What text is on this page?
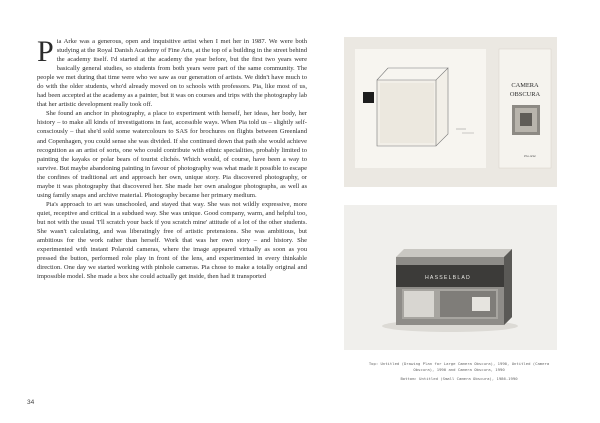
Pia Arke was a generous, open and inquisitive artist when I met her in 1987. We were both studying at the Royal Danish Academy of Fine Arts, at the top of a building in the street behind the academy itself. I'd started at the academy the year before, but the first two years were basically general studies, so students from both years were part of the same community. The people we met during that time were who we saw as our generation of artists. We didn't have much to do with the older students, who'd already moved on to schools with professors. Pia, like most of us, had been accepted at the academy as a painter, but it was on courses and trips with the photography lab that her artistic development really took off.

She found an anchor in photography, a place to experiment with herself, her ideas, her body, her history – to make all kinds of investigations in fast, accessible ways. When Pia told us – slightly self-consciously – that she'd sold some watercolours to SAS for brochures on flights between Greenland and Copenhagen, you could sense she was divided. If she continued down that path she would achieve recognition as an artist of sorts, one who could contribute with ethnic specialities, probably limited to painting the kayaks or polar bears of tourist clichés. Which would, of course, have been a way to survive. But maybe abandoning painting in favour of photography was what made it possible to escape the confines of traditional art and approach her own, unique story. Pia discovered photography, or maybe it was photography that discovered her. She made her own analogue photographs, as well as using family snaps and archive material. Photography became her primary medium.

Pia's approach to art was unschooled, and stayed that way. She was not wildly expressive, more quiet, receptive and critical in a subdued way. She was unique. Good company, warm, and helpful too, but not with the usual 'I'll scratch your back if you scratch mine' attitude of a lot of the other students. She wasn't calculating, and was liberatingly free of artistic pretensions. She was ambitious, but ambitious for the work rather than herself. Work that was her own story – and history. She experimented with instant Polaroid cameras, where the image appeared virtually as soon as you pressed the button, performed role play in front of the lens, and experimented in every thinkable direction. One day we started working with pinhole cameras. Pia chose to make a totally original and impossible model. She made a box she could actually get inside, then had it transported

34
CAMERA
OBSCURA
Pia Arke
HASSELBLAD

Top: Untitled (Drawing Plan for Large Camera Obscura), 1990, Untitled (Camera Obscura), 1990 and Camera Obscura, 1990

Bottom: Untitled (Small Camera Obscura), 1986-1990
